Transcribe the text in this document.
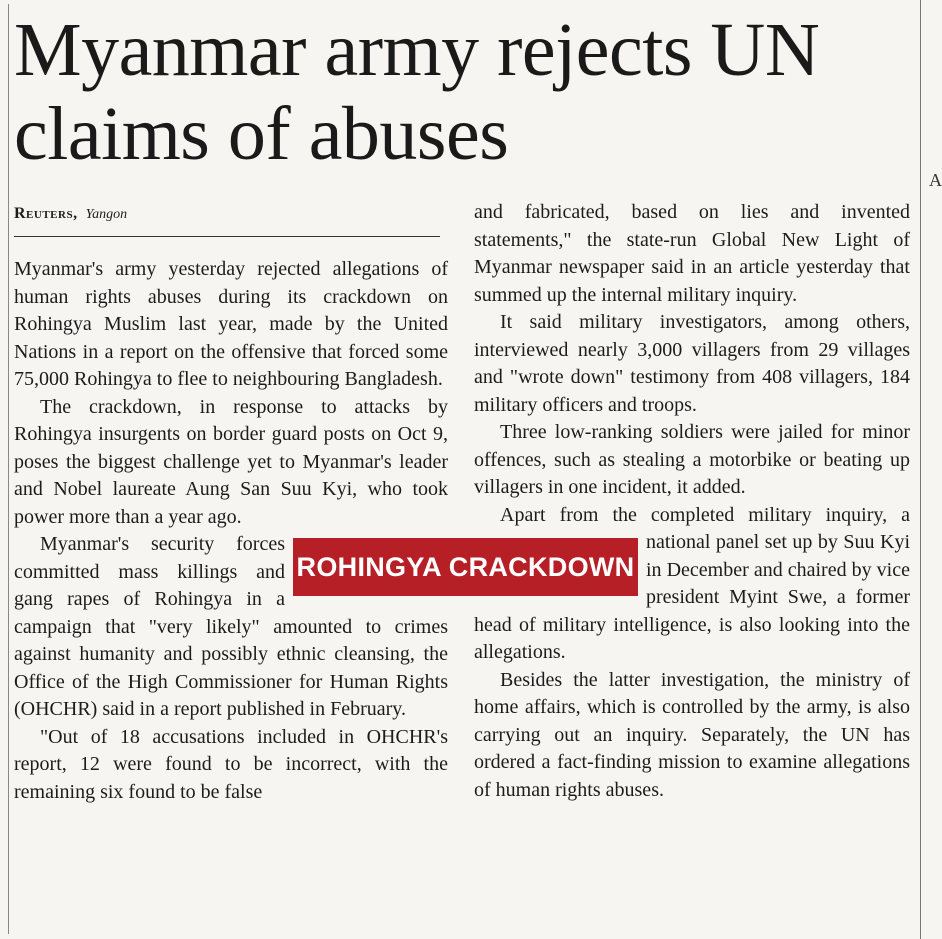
Myanmar army rejects UN claims of abuses
Reuters, Yangon

Myanmar's army yesterday rejected allegations of human rights abuses during its crackdown on Rohingya Muslim last year, made by the United Nations in a report on the offensive that forced some 75,000 Rohingya to flee to neighbouring Bangladesh.

The crackdown, in response to attacks by Rohingya insurgents on border guard posts on Oct 9, poses the biggest challenge yet to Myanmar's leader and Nobel laureate Aung San Suu Kyi, who took power more than a year ago.

Myanmar's security forces committed mass killings and gang rapes of Rohingya in a campaign that "very likely" amounted to crimes against humanity and possibly ethnic cleansing, the Office of the High Commissioner for Human Rights (OHCHR) said in a report published in February.

"Out of 18 accusations included in OHCHR's report, 12 were found to be incorrect, with the remaining six found to be false

and fabricated, based on lies and invented statements," the state-run Global New Light of Myanmar newspaper said in an article yesterday that summed up the internal military inquiry.

It said military investigators, among others, interviewed nearly 3,000 villagers from 29 villages and "wrote down" testimony from 408 villagers, 184 military officers and troops.

Three low-ranking soldiers were jailed for minor offences, such as stealing a motorbike or beating up villagers in one incident, it added.

Apart from the completed military inquiry, a national panel set up by Suu Kyi in December and chaired by vice president Myint Swe, a former head of military intelligence, is also looking into the allegations.

Besides the latter investigation, the ministry of home affairs, which is controlled by the army, is also carrying out an inquiry. Separately, the UN has ordered a fact-finding mission to examine allegations of human rights abuses.

ROHINGYA CRACKDOWN
A
